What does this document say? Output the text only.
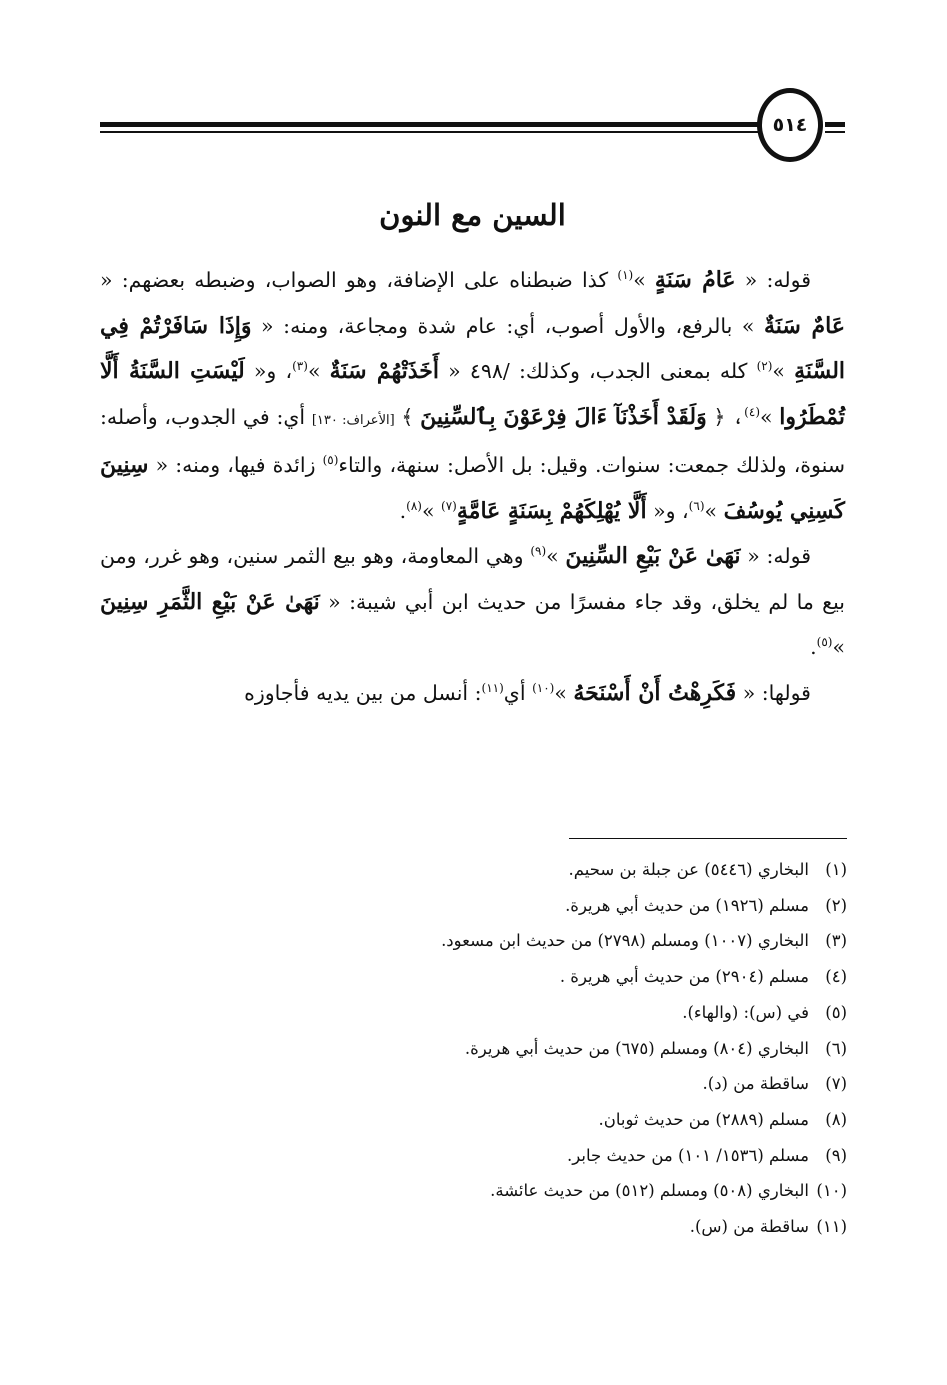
٥١٤
السين مع النون

قوله: « عَامُ سَنَةٍ »$^{(١)}$ كذا ضبطناه على الإضافة، وهو الصواب، وضبطه بعضهم: « عَامٌ سَنَةٌ » بالرفع، والأول أصوب، أي: عام شدة ومجاعة، ومنه: « وَإِذَا سَافَرْتُمْ فِي السَّنَةِ »$^{(٢)}$ كله بمعنى الجدب، وكذلك: /٤٩٨ « أَخَذَتْهُمْ سَنَةٌ »$^{(٣)}$، و« لَيْسَتِ السَّنَةُ أَلَّا تُمْطَرُوا »$^{(٤)}$، ﴿ وَلَقَدْ أَخَذْنَآ ءَالَ فِرْعَوْنَ بِٱلسِّنِينَ ﴾ [الأعراف: ١٣٠] أي: في الجدوب، وأصله: سنوة، ولذلك جمعت: سنوات. وقيل: بل الأصل: سنهة، والتاء$^{(٥)}$ زائدة فيها، ومنه: « سِنِينَ كَسِنِي يُوسُفَ »$^{(٦)}$، و« أَلَّا يُهْلِكَهُمْ بِسَنَةٍ عَامَّةٍ$^{(٧)}$ »$^{(٨)}$.

قوله: « نَهَىٰ عَنْ بَيْعِ السِّنِينَ »$^{(٩)}$ وهي المعاومة، وهو بيع الثمر سنين، وهو غرر، ومن بيع ما لم يخلق، وقد جاء مفسرًا من حديث ابن أبي شيبة: « نَهَىٰ عَنْ بَيْعِ الثَّمَرِ سِنِينَ »$^{(٥)}$.

قولها: « فَكَرِهْتُ أَنْ أَسْنَحَهُ »$^{(١٠)}$ أي$^{(١١)}$: أنسل من بين يديه فأجاوزه

(١)البخاري (٥٤٤٦) عن جبلة بن سحيم.
(٢)مسلم (١٩٢٦) من حديث أبي هريرة.
(٣)البخاري (١٠٠٧) ومسلم (٢٧٩٨) من حديث ابن مسعود.
(٤)مسلم (٢٩٠٤) من حديث أبي هريرة .
(٥)في (س): (والهاء).
(٦)البخاري (٨٠٤) ومسلم (٦٧٥) من حديث أبي هريرة.
(٧)ساقطة من (د).
(٨)مسلم (٢٨٨٩) من حديث ثوبان.
(٩)مسلم (١٥٣٦/ ١٠١) من حديث جابر.
(١٠)البخاري (٥٠٨) ومسلم (٥١٢) من حديث عائشة.
(١١)ساقطة من (س).
